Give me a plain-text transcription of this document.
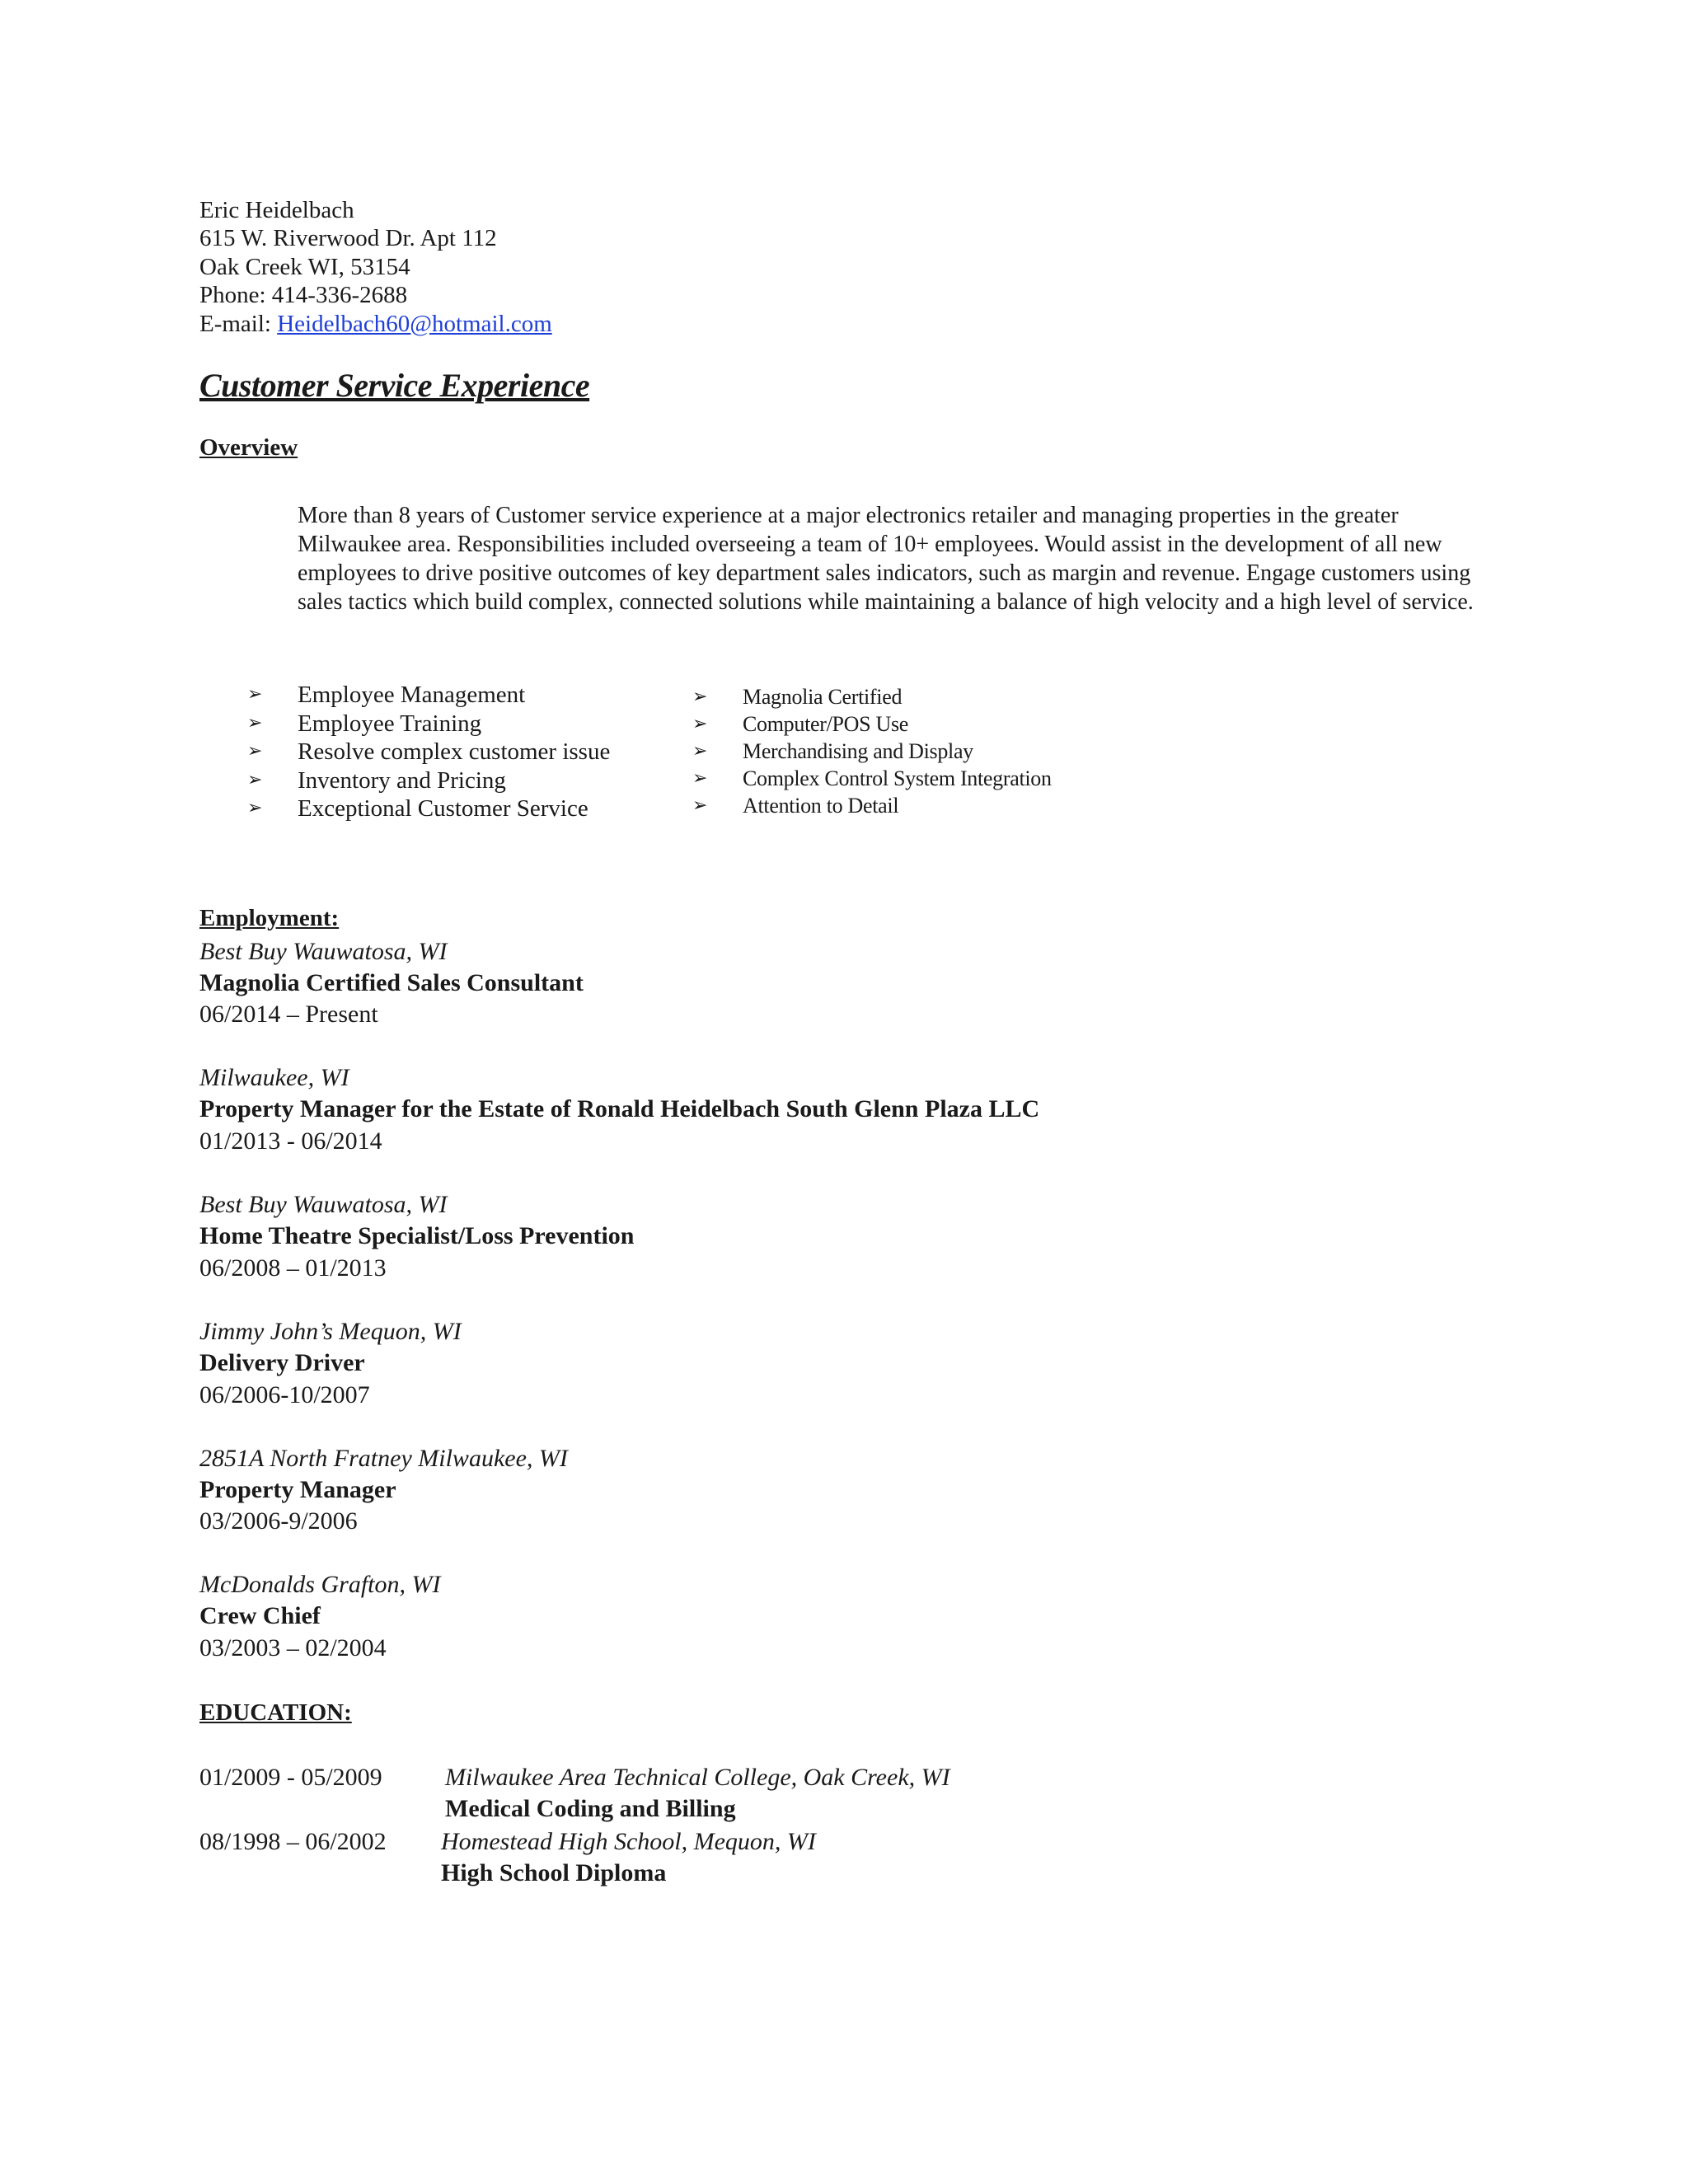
Eric Heidelbach
615 W. Riverwood Dr. Apt 112
Oak Creek WI, 53154
Phone: 414-336-2688
E-mail: Heidelbach60@hotmail.com
Customer Service Experience
Overview
More than 8 years of Customer service experience at a major electronics retailer and managing properties in the greater Milwaukee area. Responsibilities included overseeing a team of 10+ employees. Would assist in the development of all new employees to drive positive outcomes of key department sales indicators, such as margin and revenue. Engage customers using sales tactics which build complex, connected solutions while maintaining a balance of high velocity and a high level of service.
➢ Employee Management
➢ Employee Training
➢ Resolve complex customer issue
➢ Inventory and Pricing
➢ Exceptional Customer Service
➢ Magnolia Certified
➢ Computer/POS Use
➢ Merchandising and Display
➢ Complex Control System Integration
➢ Attention to Detail
Employment:
Best Buy Wauwatosa, WI
Magnolia Certified Sales Consultant
06/2014 – Present
Milwaukee, WI
Property Manager for the Estate of Ronald Heidelbach South Glenn Plaza LLC
01/2013 - 06/2014
Best Buy Wauwatosa, WI
Home Theatre Specialist/Loss Prevention
06/2008 – 01/2013
Jimmy John’s Mequon, WI
Delivery Driver
06/2006-10/2007
2851A North Fratney Milwaukee, WI
Property Manager
03/2006-9/2006
McDonalds Grafton, WI
Crew Chief
03/2003 – 02/2004
EDUCATION:
01/2009 - 05/2009	Milwaukee Area Technical College, Oak Creek, WI
Medical Coding and Billing
08/1998 – 06/2002 Homestead High School, Mequon, WI
High School Diploma
